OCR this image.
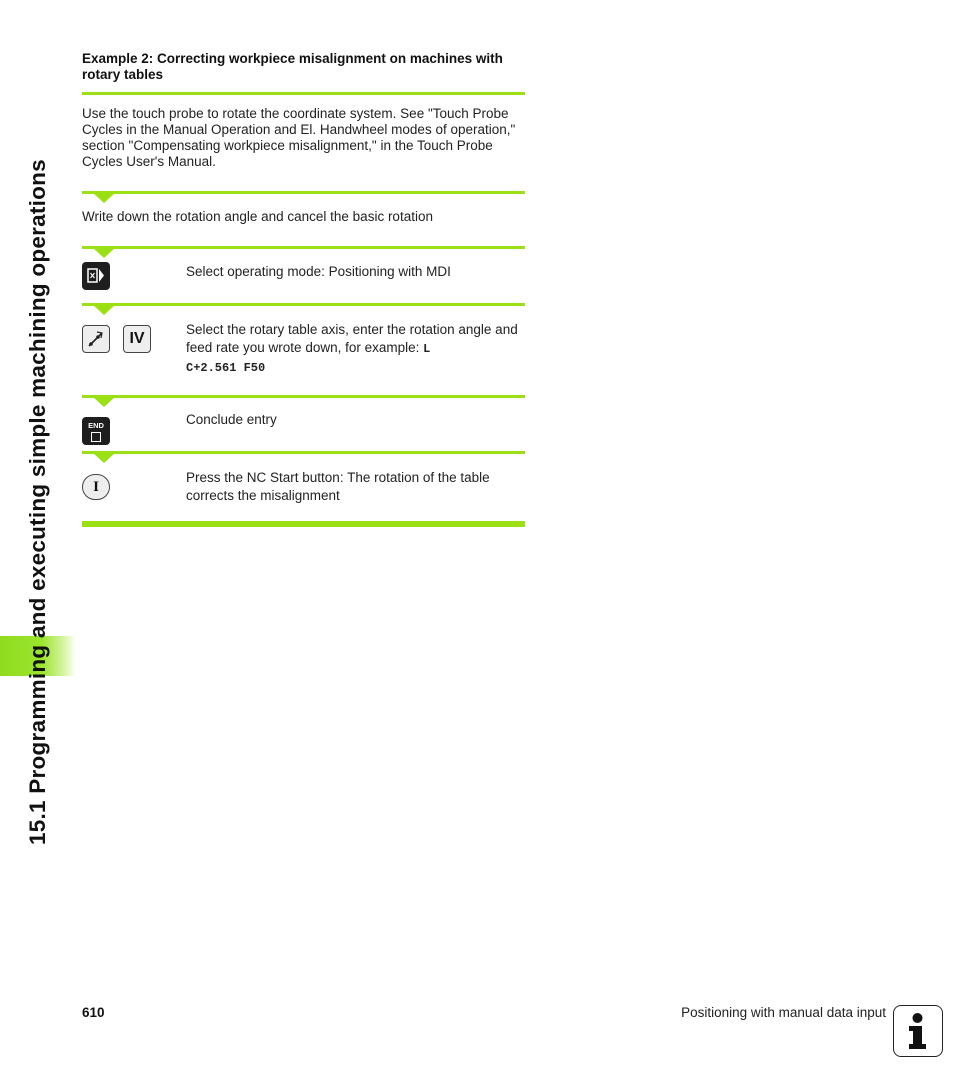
15.1 Programming and executing simple machining operations
Example 2: Correcting workpiece misalignment on machines with rotary tables
Use the touch probe to rotate the coordinate system. See "Touch Probe Cycles in the Manual Operation and El. Handwheel modes of operation," section "Compensating workpiece misalignment," in the Touch Probe Cycles User's Manual.
Write down the rotation angle and cancel the basic rotation
Select operating mode: Positioning with MDI
IV
Select the rotary table axis, enter the rotation angle and feed rate you wrote down, for example: L
C+2.561 F50
END	Conclude entry
I
Press the NC Start button: The rotation of the table corrects the misalignment
610	Positioning with manual data input
